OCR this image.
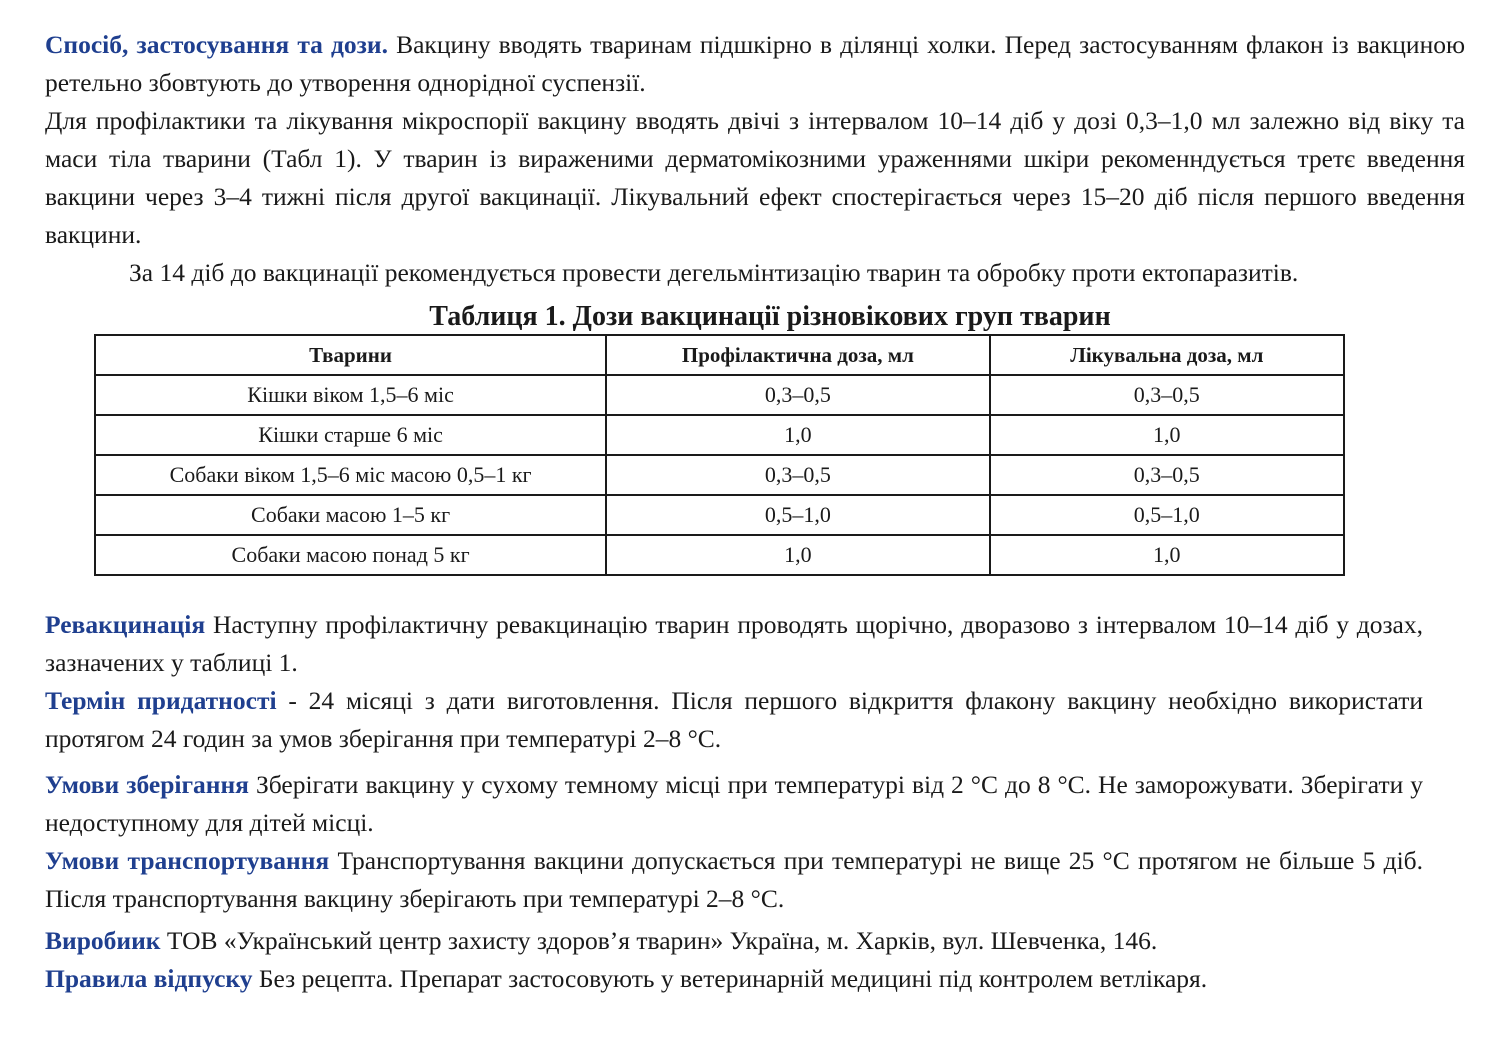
Спосіб, застосування та дози. Вакцину вводять тваринам підшкірно в ділянці холки. Перед застосуванням флакон із вакциною ретельно збовтують до утворення однорідної суспензії.

Для профілактики та лікування мікроспорії вакцину вводять двічі з інтервалом 10–14 діб у дозі 0,3–1,0 мл залежно від віку та маси тіла тварини (Табл 1). У тварин із вираженими дерматомікозними ураженнями шкіри рекоменндується третє введення вакцини через 3–4 тижні після другої вакцинації. Лікувальний ефект спостерігається через 15–20 діб після першого введення вакцини.

За 14 діб до вакцинації рекомендується провести дегельмінтизацію тварин та обробку проти ектопаразитів.

Таблиця 1. Дози вакцинації різновікових груп тварин
Тварини	Профілактична доза, мл	Лікувальна доза, мл
Кішки віком 1,5–6 міс	0,3–0,5	0,3–0,5
Кішки старше 6 міс	1,0	1,0
Собаки віком 1,5–6 міс масою 0,5–1 кг	0,3–0,5	0,3–0,5
Собаки масою 1–5 кг	0,5–1,0	0,5–1,0
Собаки масою понад 5 кг	1,0	1,0

Ревакцинація Наступну профілактичну ревакцинацію тварин проводять щорічно, дворазово з інтервалом 10–14 діб у дозах, зазначених у таблиці 1.

Термін придатності - 24 місяці з дати виготовлення. Після першого відкриття флакону вакцину необхідно використати протягом 24 годин за умов зберігання при температурі 2–8 °С.

Умови зберігання Зберігати вакцину у сухому темному місці при температурі від 2 °С до 8 °С. Не заморожувати. Зберігати у недоступному для дітей місці.

Умови транспортування Транспортування вакцини допускається при температурі не вище 25 °С протягом не більше 5 діб. Після транспортування вакцину зберігають при температурі 2–8 °С.

Виробиик ТОВ «Український центр захисту здоров’я тварин» Україна, м. Харків, вул. Шевченка, 146.

Правила відпуску Без рецепта. Препарат застосовують у ветеринарній медицині під контролем ветлікаря.
